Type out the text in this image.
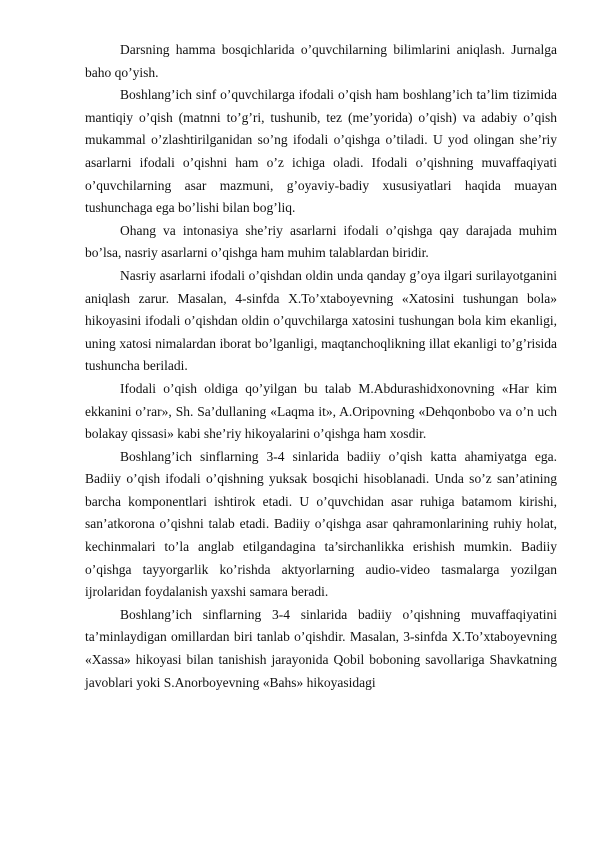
Darsning hamma bosqichlarida o’quvchilarning bilimlarini aniqlash. Jurnalga baho qo’yish.

Boshlang’ich sinf o’quvchilarga ifodali o’qish ham boshlang’ich ta’lim tizimida mantiqiy o’qish (matnni to’g’ri, tushunib, tez (me’yorida) o’qish) va adabiy o’qish mukammal o’zlashtirilganidan so’ng ifodali o’qishga o’tiladi. U yod olingan she’riy asarlarni ifodali o’qishni ham o’z ichiga oladi. Ifodali o’qishning muvaffaqiyati o’quvchilarning asar mazmuni, g’oyaviy-badiy xususiyatlari haqida muayan tushunchaga ega bo’lishi bilan bog’liq.

Ohang va intonasiya she’riy asarlarni ifodali o’qishga qay darajada muhim bo’lsa, nasriy asarlarni o’qishga ham muhim talablardan biridir.

Nasriy asarlarni ifodali o’qishdan oldin unda qanday g’oya ilgari surilayotganini aniqlash zarur. Masalan, 4-sinfda X.To’xtaboyevning «Xatosini tushungan bola» hikoyasini ifodali o’qishdan oldin o’quvchilarga xatosini tushungan bola kim ekanligi, uning xatosi nimalardan iborat bo’lganligi, maqtanchoqlikning illat ekanligi to’g’risida tushuncha beriladi.

Ifodali o’qish oldiga qo’yilgan bu talab M.Abdurashidxonovning «Har kim ekkanini o’rar», Sh. Sa’dullaning «Laqma it», A.Oripovning «Dehqonbobo va o’n uch bolakay qissasi» kabi she’riy hikoyalarini o’qishga ham xosdir.

Boshlang’ich sinflarning 3-4 sinlarida badiiy o’qish katta ahamiyatga ega. Badiiy o’qish ifodali o’qishning yuksak bosqichi hisoblanadi. Unda so’z san’atining barcha komponentlari ishtirok etadi. U o’quvchidan asar ruhiga batamom kirishi, san’atkorona o’qishni talab etadi. Badiiy o’qishga asar qahramonlarining ruhiy holat, kechinmalari to’la anglab etilgandagina ta’sirchanlikka erishish mumkin. Badiiy o’qishga tayyorgarlik ko’rishda aktyorlarning audio-video tasmalarga yozilgan ijrolaridan foydalanish yaxshi samara beradi.

Boshlang’ich sinflarning 3-4 sinlarida badiiy o’qishning muvaffaqiyatini ta’minlaydigan omillardan biri tanlab o’qishdir. Masalan, 3-sinfda X.To’xtaboyevning «Xassa» hikoyasi bilan tanishish jarayonida Qobil boboning savollariga Shavkatning javoblari yoki S.Anorboyevning «Bahs» hikoyasidagi
